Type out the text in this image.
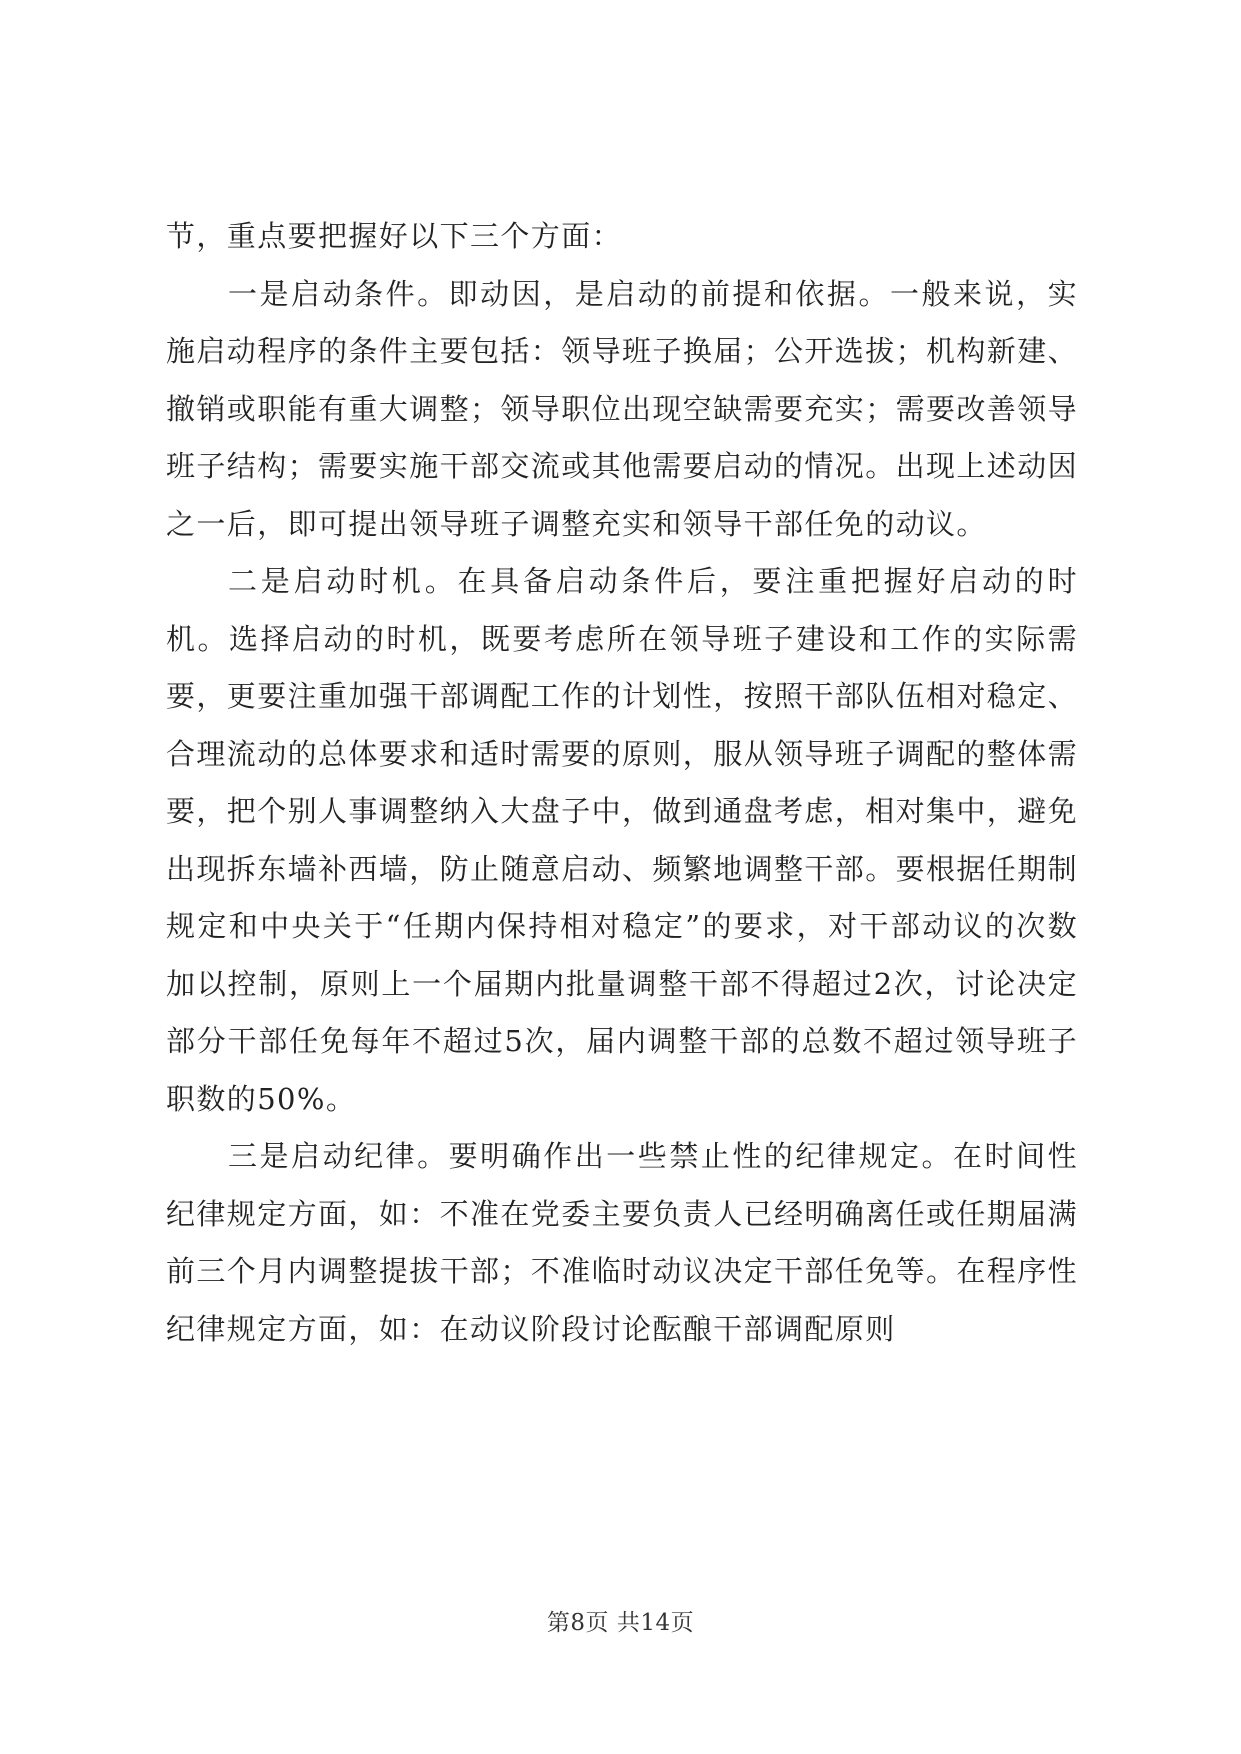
节，重点要把握好以下三个方面：

一是启动条件。即动因，是启动的前提和依据。一般来说，实施启动程序的条件主要包括：领导班子换届；公开选拔；机构新建、撤销或职能有重大调整；领导职位出现空缺需要充实；需要改善领导班子结构；需要实施干部交流或其他需要启动的情况。出现上述动因之一后，即可提出领导班子调整充实和领导干部任免的动议。

二是启动时机。在具备启动条件后，要注重把握好启动的时机。选择启动的时机，既要考虑所在领导班子建设和工作的实际需要，更要注重加强干部调配工作的计划性，按照干部队伍相对稳定、合理流动的总体要求和适时需要的原则，服从领导班子调配的整体需要，把个别人事调整纳入大盘子中，做到通盘考虑，相对集中，避免出现拆东墙补西墙，防止随意启动、频繁地调整干部。要根据任期制规定和中央关于“任期内保持相对稳定”的要求，对干部动议的次数加以控制，原则上一个届期内批量调整干部不得超过2次，讨论决定部分干部任免每年不超过5次，届内调整干部的总数不超过领导班子职数的50%。

三是启动纪律。要明确作出一些禁止性的纪律规定。在时间性纪律规定方面，如：不准在党委主要负责人已经明确离任或任期届满前三个月内调整提拔干部；不准临时动议决定干部任免等。在程序性纪律规定方面，如：在动议阶段讨论酝酿干部调配原则

第8页 共14页
